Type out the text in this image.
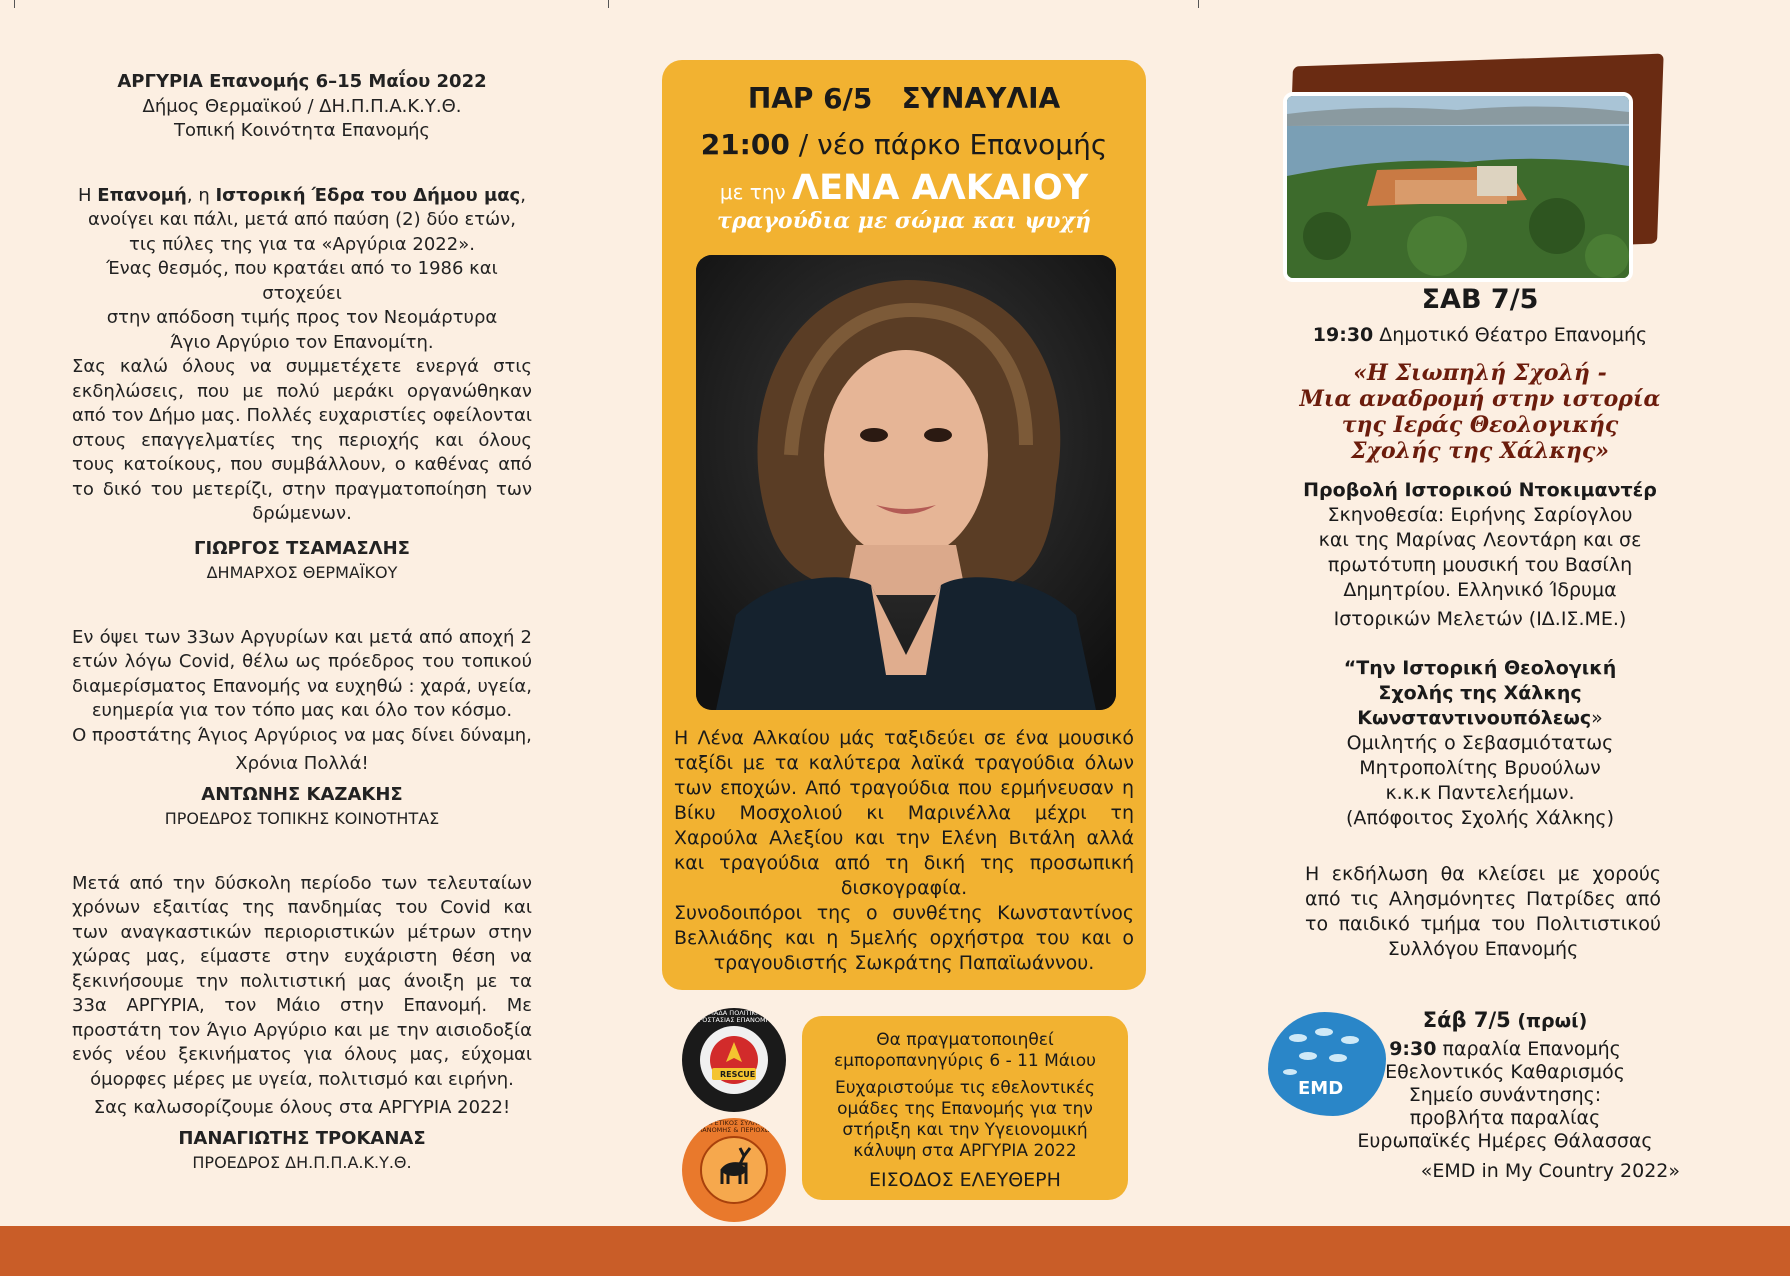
ΑΡΓΥΡΙΑ Επανομής 6–15 Μαΐου 2022

Δήμος Θερμαϊκού / ΔΗ.Π.Π.Α.Κ.Υ.Θ.

Τοπική Κοινότητα Επανομής

Η Επανομή, η Ιστορική Έδρα του Δήμου μας,

ανοίγει και πάλι, μετά από παύση (2) δύο ετών,

τις πύλες της για τα «Αργύρια 2022».

Ένας θεσμός, που κρατάει από το 1986 και στοχεύει

στην απόδοση τιμής προς τον Νεομάρτυρα

Άγιο Αργύριο τον Επανομίτη.

Σας καλώ όλους να συμμετέχετε ενεργά στις εκδηλώσεις, που με πολύ μεράκι οργανώθηκαν από τον Δήμο μας. Πολλές ευχαριστίες οφείλονται στους επαγγελματίες της περιοχής και όλους τους κατοίκους, που συμβάλλουν, ο καθένας από το δικό του μετερίζι, στην πραγματοποίηση των δρώμενων.

ΓΙΩΡΓΟΣ ΤΣΑΜΑΣΛΗΣ

ΔΗΜΑΡΧΟΣ ΘΕΡΜΑΪΚΟΥ

Εν όψει των 33ων Αργυρίων και μετά από αποχή 2 ετών λόγω Covid, θέλω ως πρόεδρος του τοπικού διαμερίσματος Επανομής να ευχηθώ : χαρά, υγεία, ευημερία για τον τόπο μας και όλο τον κόσμο.

Ο προστάτης Άγιος Αργύριος να μας δίνει δύναμη,

Χρόνια Πολλά!

ΑΝΤΩΝΗΣ ΚΑΖΑΚΗΣ

ΠΡΟΕΔΡΟΣ ΤΟΠΙΚΗΣ ΚΟΙΝΟΤΗΤΑΣ

Μετά από την δύσκολη περίοδο των τελευταίων χρόνων εξαιτίας της πανδημίας του Covid και των αναγκαστικών περιοριστικών μέτρων στην χώρας μας, είμαστε στην ευχάριστη θέση να ξεκινήσουμε την πολιτιστική μας άνοιξη με τα 33α ΑΡΓΥΡΙΑ, τον Μάιο στην Επανομή. Με προστάτη τον Άγιο Αργύριο και με την αισιοδοξία ενός νέου ξεκινήματος για όλους μας, εύχομαι όμορφες μέρες με υγεία, πολιτισμό και ειρήνη.

Σας καλωσορίζουμε όλους στα ΑΡΓΥΡΙΑ 2022!

ΠΑΝΑΓΙΩΤΗΣ ΤΡΟΚΑΝΑΣ

ΠΡΟΕΔΡΟΣ ΔΗ.Π.Π.Α.Κ.Υ.Θ.

ΠΑΡ 6/5 ΣΥΝΑΥΛΙΑ
21:00 / νέο πάρκο Επανομής
με την ΛΕΝΑ ΑΛΚΑΙΟΥ
τραγούδια με σώμα και ψυχή

Η Λένα Αλκαίου μάς ταξιδεύει σε ένα μουσικό ταξίδι με τα καλύτερα λαϊκά τραγούδια όλων των εποχών. Από τραγούδια που ερμήνευσαν η Βίκυ Μοσχολιού κι Μαρινέλλα μέχρι τη Χαρούλα Αλεξίου και την Ελένη Βιτάλη αλλά και τραγούδια από τη δική της προσωπική δισκογραφία.

Συνοδοιπόροι της ο συνθέτης Κωνσταντίνος Βελλιάδης και η 5μελής ορχήστρα του και ο τραγουδιστής Σωκράτης Παπαϊωάννου.

RESCUE
ΟΜΑΔΑ ΠΟΛΙΤΙΚΗΣ ΠΡΟΣΤΑΣΙΑΣ ΕΠΑΝΟΜΗΣ
ΚΥΝΗΓΕΤΙΚΟΣ ΣΥΛΛΟΓΟΣ ΕΠΑΝΟΜΗΣ & ΠΕΡΙΟΧΩΝ

Θα πραγματοποιηθεί

εμποροπανηγύρις 6 - 11 Μάιου

Ευχαριστούμε τις εθελοντικές ομάδες της Επανομής για την στήριξη και την Υγειονομική κάλυψη στα ΑΡΓΥΡΙΑ 2022

ΕΙΣΟΔΟΣ ΕΛΕΥΘΕΡΗ

ΣΑΒ 7/5
19:30 Δημοτικό Θέατρο Επανομής
«Η Σιωπηλή Σχολή -
Μια αναδρομή στην ιστορία
της Ιεράς Θεολογικής
Σχολής της Χάλκης»

Προβολή Ιστορικού Ντοκιμαντέρ

Σκηνοθεσία: Ειρήνης Σαρίογλου

και της Μαρίνας Λεοντάρη και σε

πρωτότυπη μουσική του Βασίλη

Δημητρίου. Ελληνικό Ίδρυμα

Ιστορικών Μελετών (ΙΔ.ΙΣ.ΜΕ.)

“Την Ιστορική Θεολογική

Σχολής της Χάλκης

Κωνσταντινουπόλεως»

Ομιλητής ο Σεβασμιότατως

Μητροπολίτης Βρυούλων

κ.κ.κ Παντελεήμων.

(Απόφοιτος Σχολής Χάλκης)

Η εκδήλωση θα κλείσει με χορούς από τις Αλησμόνητες Πατρίδες από το παιδικό τμήμα του Πολιτιστικού Συλλόγου Επανομής
EMD
Σάβ 7/5 (πρωί)

9:30 παραλία Επανομής

Εθελοντικός Καθαρισμός

Σημείο συνάντησης:

προβλήτα παραλίας

Ευρωπαϊκές Ημέρες Θάλασσας

«EMD in My Country 2022»
